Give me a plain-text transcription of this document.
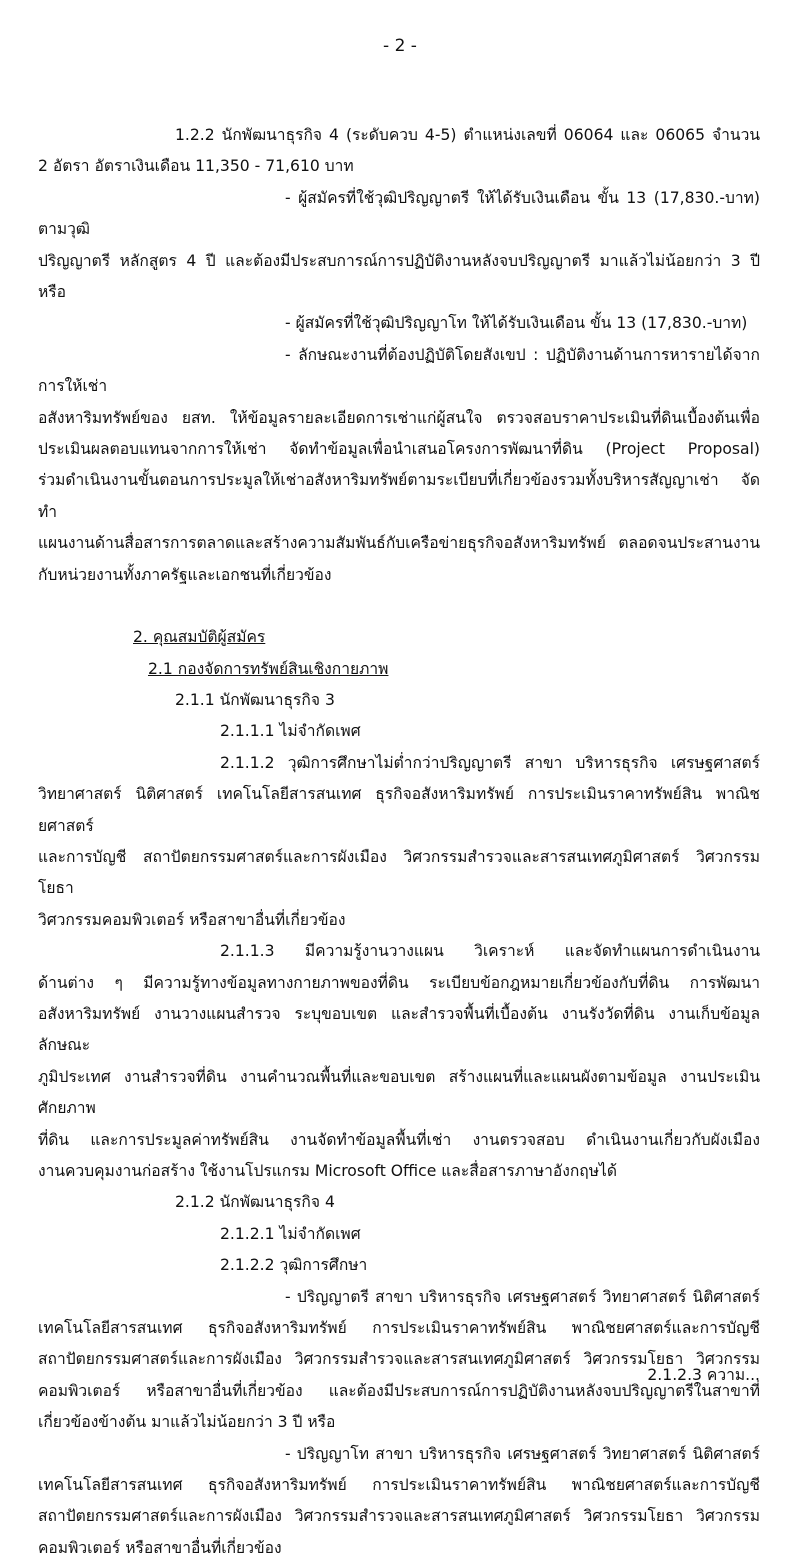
- 2 -

1.2.2 นักพัฒนาธุรกิจ 4 (ระดับควบ 4-5) ตำแหน่งเลขที่ 06064 และ 06065 จำนวน

2 อัตรา อัตราเงินเดือน 11,350 - 71,610 บาท

- ผู้สมัครที่ใช้วุฒิปริญญาตรี ให้ได้รับเงินเดือน ขั้น 13 (17,830.-บาท) ตามวุฒิ

ปริญญาตรี หลักสูตร 4 ปี และต้องมีประสบการณ์การปฏิบัติงานหลังจบปริญญาตรี มาแล้วไม่น้อยกว่า 3 ปี หรือ

- ผู้สมัครที่ใช้วุฒิปริญญาโท ให้ได้รับเงินเดือน ขั้น 13 (17,830.-บาท)

- ลักษณะงานที่ต้องปฏิบัติโดยสังเขป : ปฏิบัติงานด้านการหารายได้จากการให้เช่า

อสังหาริมทรัพย์ของ ยสท. ให้ข้อมูลรายละเอียดการเช่าแก่ผู้สนใจ ตรวจสอบราคาประเมินที่ดินเบื้องต้นเพื่อ

ประเมินผลตอบแทนจากการให้เช่า จัดทำข้อมูลเพื่อนำเสนอโครงการพัฒนาที่ดิน (Project Proposal)

ร่วมดำเนินงานขั้นตอนการประมูลให้เช่าอสังหาริมทรัพย์ตามระเบียบที่เกี่ยวข้องรวมทั้งบริหารสัญญาเช่า จัดทำ

แผนงานด้านสื่อสารการตลาดและสร้างความสัมพันธ์กับเครือข่ายธุรกิจอสังหาริมทรัพย์ ตลอดจนประสานงาน

กับหน่วยงานทั้งภาครัฐและเอกชนที่เกี่ยวข้อง

2. คุณสมบัติผู้สมัคร

2.1 กองจัดการทรัพย์สินเชิงกายภาพ

2.1.1 นักพัฒนาธุรกิจ 3

2.1.1.1 ไม่จำกัดเพศ

2.1.1.2 วุฒิการศึกษาไม่ต่ำกว่าปริญญาตรี สาขา บริหารธุรกิจ เศรษฐศาสตร์

วิทยาศาสตร์ นิติศาสตร์ เทคโนโลยีสารสนเทศ ธุรกิจอสังหาริมทรัพย์ การประเมินราคาทรัพย์สิน พาณิชยศาสตร์

และการบัญชี สถาปัตยกรรมศาสตร์และการผังเมือง วิศวกรรมสำรวจและสารสนเทศภูมิศาสตร์ วิศวกรรมโยธา

วิศวกรรมคอมพิวเตอร์ หรือสาขาอื่นที่เกี่ยวข้อง

2.1.1.3 มีความรู้งานวางแผน วิเคราะห์ และจัดทำแผนการดำเนินงาน

ด้านต่าง ๆ มีความรู้ทางข้อมูลทางกายภาพของที่ดิน ระเบียบข้อกฎหมายเกี่ยวข้องกับที่ดิน การพัฒนา

อสังหาริมทรัพย์ งานวางแผนสำรวจ ระบุขอบเขต และสำรวจพื้นที่เบื้องต้น งานรังวัดที่ดิน งานเก็บข้อมูลลักษณะ

ภูมิประเทศ งานสำรวจที่ดิน งานคำนวณพื้นที่และขอบเขต สร้างแผนที่และแผนผังตามข้อมูล งานประเมินศักยภาพ

ที่ดิน และการประมูลค่าทรัพย์สิน งานจัดทำข้อมูลพื้นที่เช่า งานตรวจสอบ ดำเนินงานเกี่ยวกับผังเมือง

งานควบคุมงานก่อสร้าง ใช้งานโปรแกรม Microsoft Office และสื่อสารภาษาอังกฤษได้

2.1.2 นักพัฒนาธุรกิจ 4

2.1.2.1 ไม่จำกัดเพศ

2.1.2.2 วุฒิการศึกษา

- ปริญญาตรี สาขา บริหารธุรกิจ เศรษฐศาสตร์ วิทยาศาสตร์ นิติศาสตร์

เทคโนโลยีสารสนเทศ ธุรกิจอสังหาริมทรัพย์ การประเมินราคาทรัพย์สิน พาณิชยศาสตร์และการบัญชี

สถาปัตยกรรมศาสตร์และการผังเมือง วิศวกรรมสำรวจและสารสนเทศภูมิศาสตร์ วิศวกรรมโยธา วิศวกรรม

คอมพิวเตอร์ หรือสาขาอื่นที่เกี่ยวข้อง และต้องมีประสบการณ์การปฏิบัติงานหลังจบปริญญาตรีในสาขาที่

เกี่ยวข้องข้างต้น มาแล้วไม่น้อยกว่า 3 ปี หรือ

- ปริญญาโท สาขา บริหารธุรกิจ เศรษฐศาสตร์ วิทยาศาสตร์ นิติศาสตร์

เทคโนโลยีสารสนเทศ ธุรกิจอสังหาริมทรัพย์ การประเมินราคาทรัพย์สิน พาณิชยศาสตร์และการบัญชี

สถาปัตยกรรมศาสตร์และการผังเมือง วิศวกรรมสำรวจและสารสนเทศภูมิศาสตร์ วิศวกรรมโยธา วิศวกรรม

คอมพิวเตอร์ หรือสาขาอื่นที่เกี่ยวข้อง

2.1.2.3 ความ...
